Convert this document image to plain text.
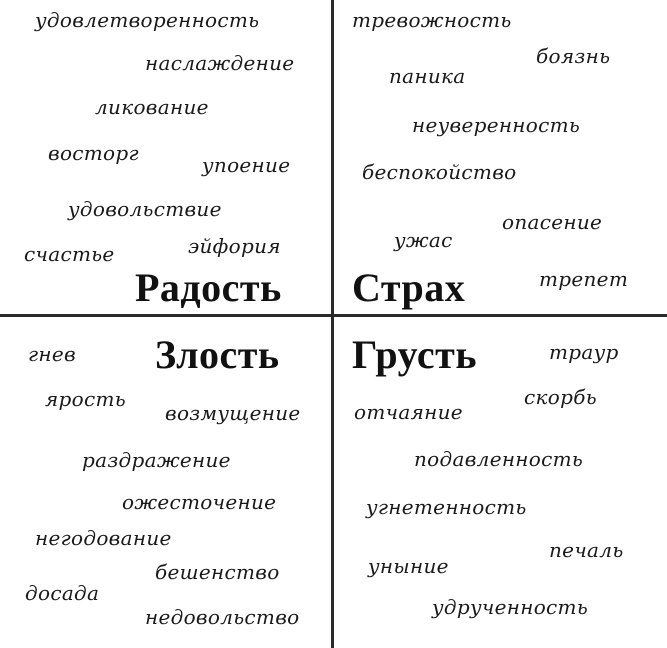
удовлетворенность
наслаждение
ликование
восторг	упоение
удовольствие
эйфория
счастье
Радость
тревожность
боязнь
паника
неуверенность
беспокойство
опасение
ужас
трепет
Страх
гнев Злость
ярость
возмущение
раздражение
ожесточение
негодование
бешенство
досада
недовольство
Грусть	траур
скорбь
отчаяние
подавленность
угнетенность
печаль
уныние
удрученность
